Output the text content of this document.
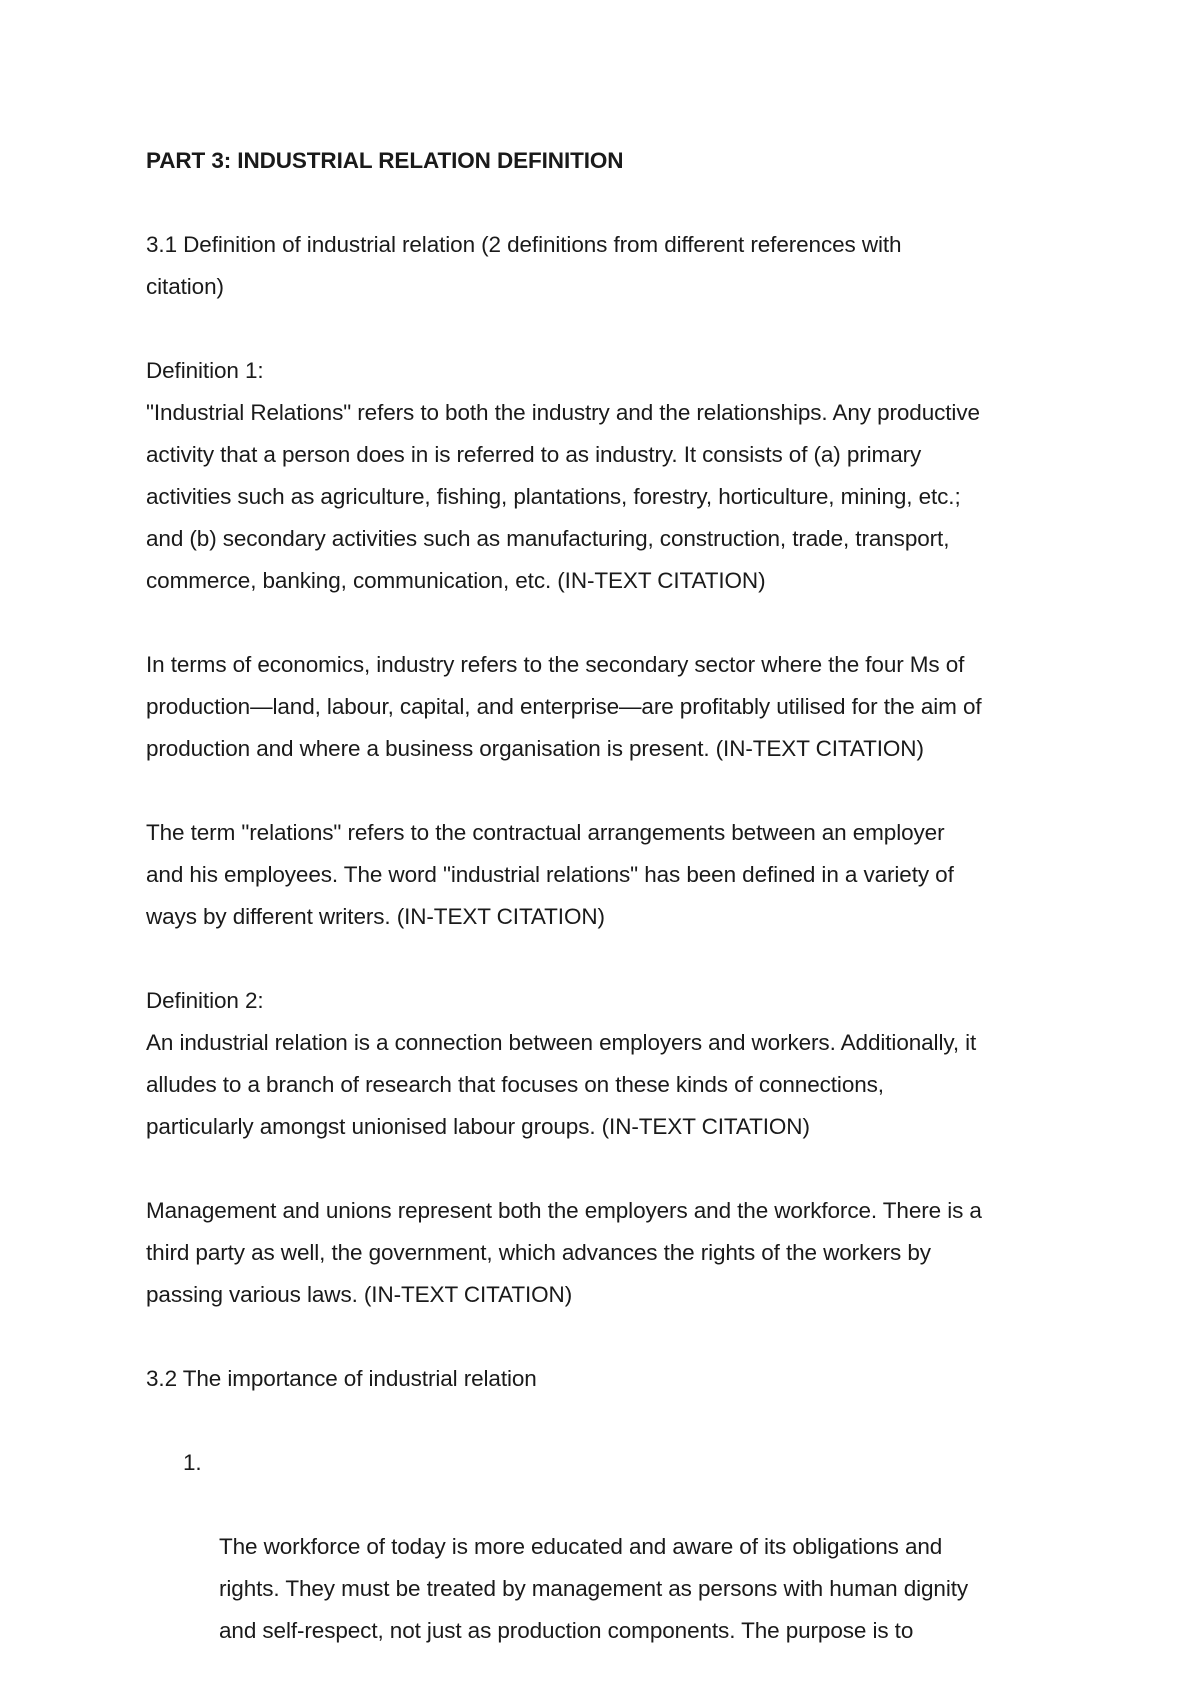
PART 3: INDUSTRIAL RELATION DEFINITION
3.1 Definition of industrial relation (2 definitions from different references with
citation)
Definition 1:
"Industrial Relations" refers to both the industry and the relationships. Any productive
activity that a person does in is referred to as industry. It consists of (a) primary
activities such as agriculture, fishing, plantations, forestry, horticulture, mining, etc.;
and (b) secondary activities such as manufacturing, construction, trade, transport,
commerce, banking, communication, etc. (IN-TEXT CITATION)
In terms of economics, industry refers to the secondary sector where the four Ms of
production—land, labour, capital, and enterprise—are profitably utilised for the aim of
production and where a business organisation is present. (IN-TEXT CITATION)
The term "relations" refers to the contractual arrangements between an employer
and his employees. The word "industrial relations" has been defined in a variety of
ways by different writers. (IN-TEXT CITATION)
Definition 2:
An industrial relation is a connection between employers and workers. Additionally, it
alludes to a branch of research that focuses on these kinds of connections,
particularly amongst unionised labour groups. (IN-TEXT CITATION)
Management and unions represent both the employers and the workforce. There is a
third party as well, the government, which advances the rights of the workers by
passing various laws. (IN-TEXT CITATION)
3.2 The importance of industrial relation

1.

The workforce of today is more educated and aware of its obligations and
rights. They must be treated by management as persons with human dignity
and self-respect, not just as production components. The purpose is to
